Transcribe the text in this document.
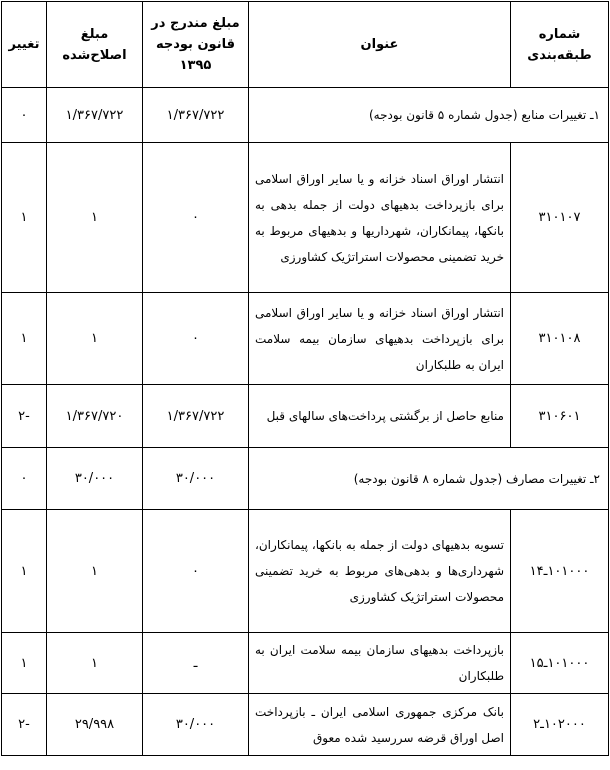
شماره طبقه‌بندی	عنوان	مبلغ مندرج در قانون بودجه ۱۳۹۵	مبلغ اصلاح‌شده	تغییر
۱ـ تغییرات منابع (جدول شماره ۵ قانون بودجه)		۱/۳۶۷/۷۲۲	۱/۳۶۷/۷۲۲	۰
۳۱۰۱۰۷	انتشار اوراق اسناد خزانه و یا سایر اوراق اسلامی برای بازپرداخت بدهیهای دولت از جمله بدهی به بانکها، پیمانکاران، شهرداریها و بدهیهای مربوط به خرید تضمینی محصولات استراتژیک کشاورزی	۰	۱	۱
۳۱۰۱۰۸	انتشار اوراق اسناد خزانه و یا سایر اوراق اسلامی برای بازپرداخت بدهیهای سازمان بیمه سلامت ایران به طلبکاران	۰	۱	۱
۳۱۰۶۰۱	منابع حاصل از برگشتی پرداخت‌های سالهای قبل	۱/۳۶۷/۷۲۲	۱/۳۶۷/۷۲۰	-۲
۲ـ تغییرات مصارف (جدول شماره ۸ قانون بودجه)		۳۰/۰۰۰	۳۰/۰۰۰	۰
۱۰۱۰۰۰ـ۱۴	تسویه بدهیهای دولت از جمله به بانکها، پیمانکاران، شهرداری‌ها و بدهی‌های مربوط به خرید تضمینی محصولات استراتژیک کشاورزی	۰	۱	۱
۱۰۱۰۰۰ـ۱۵	بازپرداخت بدهیهای سازمان بیمه سلامت ایران به طلبکاران	ـ	۱	۱
۱۰۲۰۰۰ـ۲	بانک مرکزی جمهوری اسلامی ایران ـ بازپرداخت اصل اوراق قرضه سررسید شده معوق	۳۰/۰۰۰	۲۹/۹۹۸	-۲
